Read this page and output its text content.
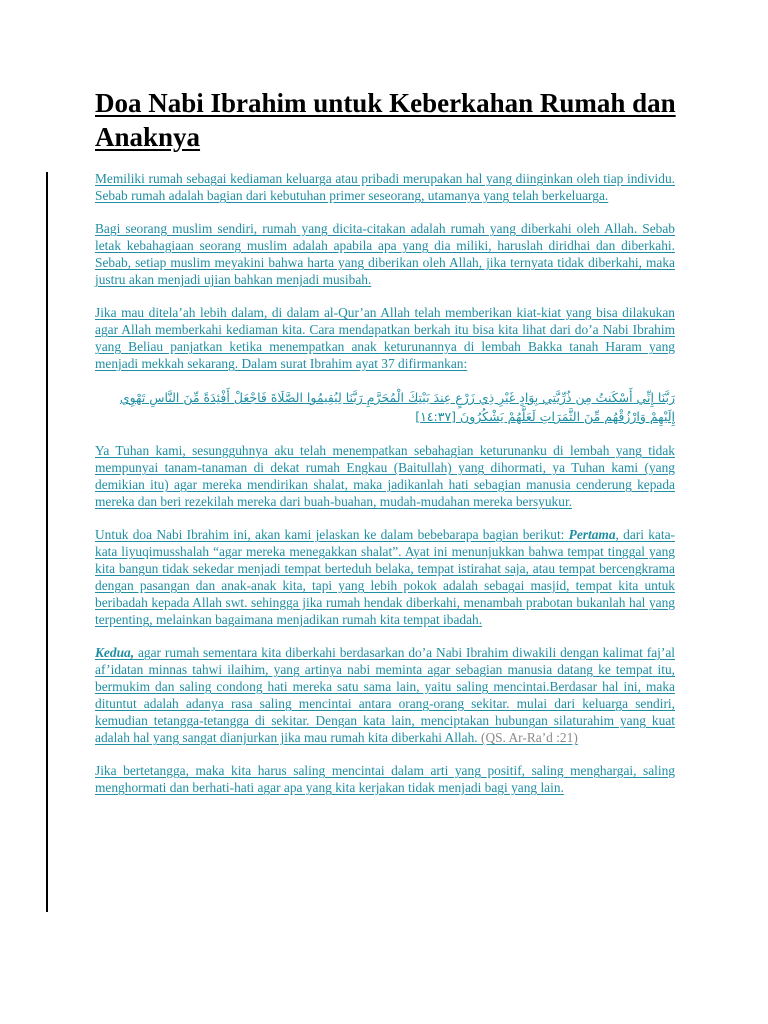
Doa Nabi Ibrahim untuk Keberkahan Rumah dan Anaknya

Memiliki rumah sebagai kediaman keluarga atau pribadi merupakan hal yang diinginkan oleh tiap individu. Sebab rumah adalah bagian dari kebutuhan primer seseorang, utamanya yang telah berkeluarga.

Bagi seorang muslim sendiri, rumah yang dicita-citakan adalah rumah yang diberkahi oleh Allah. Sebab letak kebahagiaan seorang muslim adalah apabila apa yang dia miliki, haruslah diridhai dan diberkahi. Sebab, setiap muslim meyakini bahwa harta yang diberikan oleh Allah, jika ternyata tidak diberkahi, maka justru akan menjadi ujian bahkan menjadi musibah.

Jika mau ditela’ah lebih dalam, di dalam al-Qur’an Allah telah memberikan kiat-kiat yang bisa dilakukan agar Allah memberkahi kediaman kita. Cara mendapatkan berkah itu bisa kita lihat dari do’a Nabi Ibrahim yang Beliau panjatkan ketika menempatkan anak keturunannya di lembah Bakka tanah Haram yang menjadi mekkah sekarang. Dalam surat Ibrahim ayat 37 difirmankan:

رَبَّنَا إِنِّي أَسْكَنتُ مِن ذُرِّيَّتِي بِوَادٍ غَيْرِ ذِي زَرْعٍ عِندَ بَيْتِكَ الْمُحَرَّمِ رَبَّنَا لِيُقِيمُوا الصَّلَاةَ فَاجْعَلْ أَفْئِدَةً مِّنَ النَّاسِ تَهْوِي إِلَيْهِمْ وَارْزُقْهُم مِّنَ الثَّمَرَاتِ لَعَلَّهُمْ يَشْكُرُونَ [١٤:٣٧]

Ya Tuhan kami, sesungguhnya aku telah menempatkan sebahagian keturunanku di lembah yang tidak mempunyai tanam-tanaman di dekat rumah Engkau (Baitullah) yang dihormati, ya Tuhan kami (yang demikian itu) agar mereka mendirikan shalat, maka jadikanlah hati sebagian manusia cenderung kepada mereka dan beri rezekilah mereka dari buah-buahan, mudah-mudahan mereka bersyukur.

Untuk doa Nabi Ibrahim ini, akan kami jelaskan ke dalam bebebarapa bagian berikut: Pertama, dari kata-kata liyuqimusshalah “agar mereka menegakkan shalat”. Ayat ini menunjukkan bahwa tempat tinggal yang kita bangun tidak sekedar menjadi tempat berteduh belaka, tempat istirahat saja, atau tempat bercengkrama dengan pasangan dan anak-anak kita, tapi yang lebih pokok adalah sebagai masjid, tempat kita untuk beribadah kepada Allah swt. sehingga jika rumah hendak diberkahi, menambah prabotan bukanlah hal yang terpenting, melainkan bagaimana menjadikan rumah kita tempat ibadah.

Kedua, agar rumah sementara kita diberkahi berdasarkan do’a Nabi Ibrahim diwakili dengan kalimat faj’al af’idatan minnas tahwi ilaihim, yang artinya nabi meminta agar sebagian manusia datang ke tempat itu, bermukim dan saling condong hati mereka satu sama lain, yaitu saling mencintai.Berdasar hal ini, maka dituntut adalah adanya rasa saling mencintai antara orang-orang sekitar. mulai dari keluarga sendiri, kemudian tetangga-tetangga di sekitar. Dengan kata lain, menciptakan hubungan silaturahim yang kuat adalah hal yang sangat dianjurkan jika mau rumah kita diberkahi Allah. (QS. Ar-Ra’d :21)

Jika bertetangga, maka kita harus saling mencintai dalam arti yang positif, saling menghargai, saling menghormati dan berhati-hati agar apa yang kita kerjakan tidak menjadi bagi yang lain.
